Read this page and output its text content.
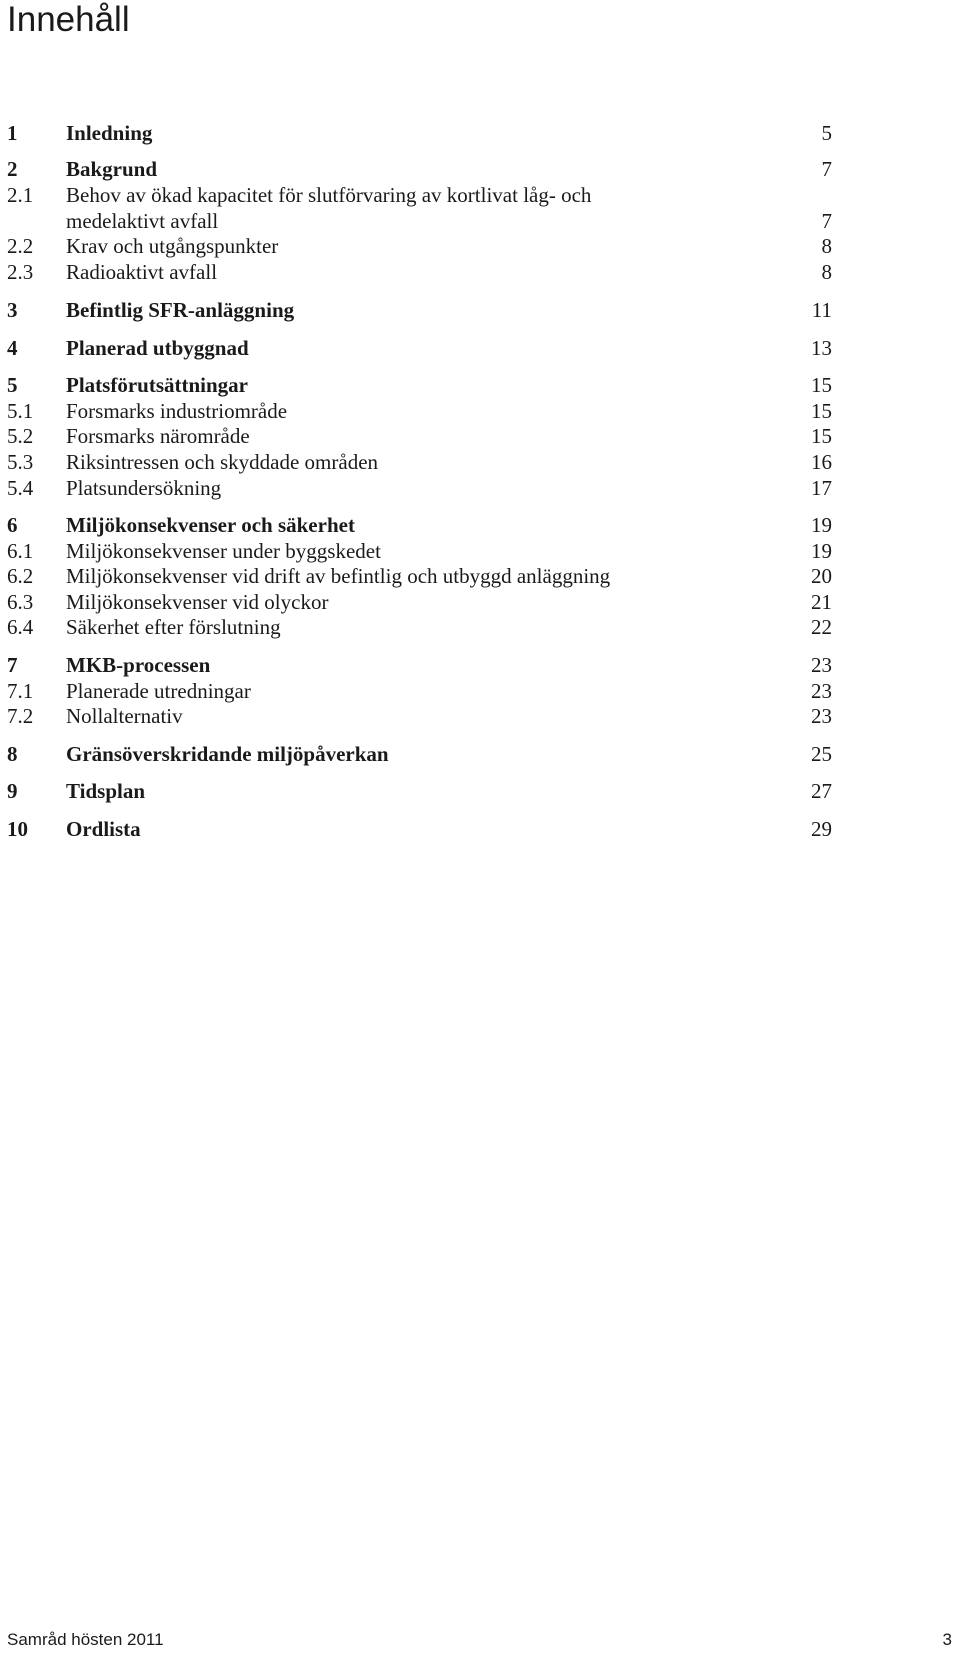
Innehåll
1 Inledning	5
2 Bakgrund	7
2.1 Behov av ökad kapacitet för slutförvaring av kortlivat låg- och
medelaktivt avfall	7
2.2 Krav och utgångspunkter	8
2.3 Radioaktivt avfall	8
3 Befintlig SFR-anläggning	11
4 Planerad utbyggnad	13
5 Platsförutsättningar	15
5.1 Forsmarks industriområde	15
5.2 Forsmarks närområde	15
5.3 Riksintressen och skyddade områden	16
5.4 Platsundersökning	17
6 Miljökonsekvenser och säkerhet	19
6.1 Miljökonsekvenser under byggskedet	19
6.2 Miljökonsekvenser vid drift av befintlig och utbyggd anläggning	20
6.3 Miljökonsekvenser vid olyckor	21
6.4 Säkerhet efter förslutning	22
7 MKB-processen	23
7.1 Planerade utredningar	23
7.2 Nollalternativ	23
8 Gränsöverskridande miljöpåverkan	25
9 Tidsplan	27
10 Ordlista	29
Samråd hösten 2011	3
